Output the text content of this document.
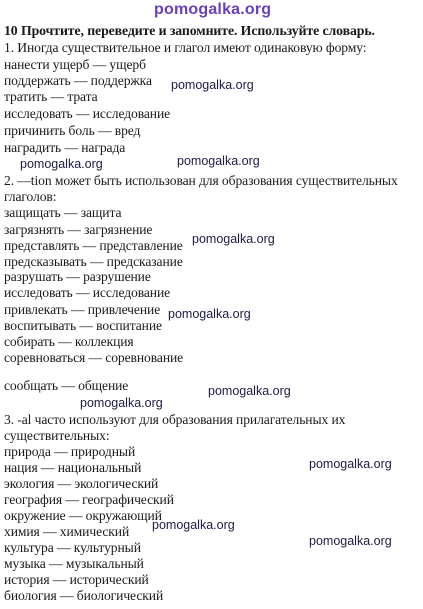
pomogalka.org
10 Прочтите, переведите и запомните. Используйте словарь.
1. Иногда существительное и глагол имеют одинаковую форму:
нанести ущерб — ущерб
поддержать — поддержка
тратить — трата
исследовать — исследование
причинить боль — вред
наградить — награда
pomogalka.org
pomogalka.org	pomogalka.org
2. —tion может быть использован для образования существительных
глаголов:
защищать — защита
загрязнять — загрязнение
представлять — представление
предсказывать — предсказание
разрушать — разрушение
исследовать — исследование
привлекать — привлечение
воспитывать — воспитание
собирать — коллекция
соревноваться — соревнование
сообщать — общение
pomogalka.org
pomogalka.org
pomogalka.org
pomogalka.org
3. -al часто используют для образования прилагательных их
существительных:
природа — природный
нация — национальный
экология — экологический
география — географический
окружение — окружающий
химия — химический
культура — культурный
музыка — музыкальный
история — исторический
биология — биологический
pomogalka.org
pomogalka.org
pomogalka.org
